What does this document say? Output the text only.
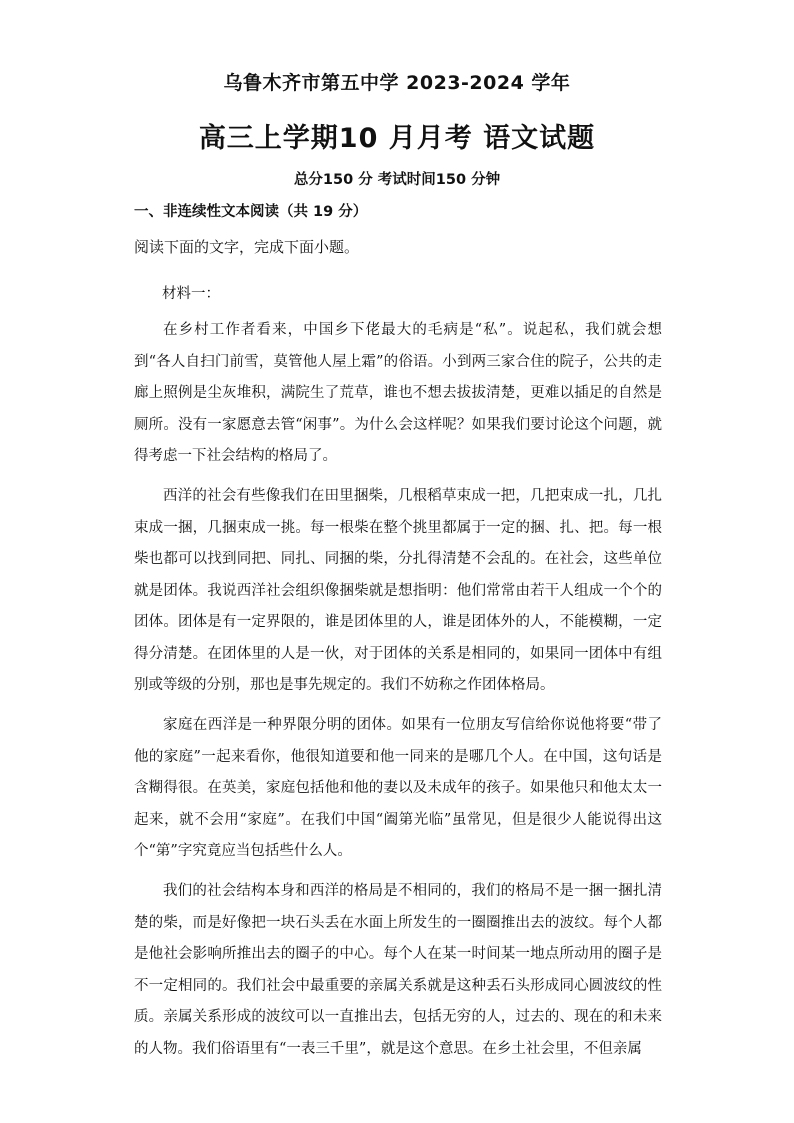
乌鲁木齐市第五中学 2023-2024 学年
高三上学期10 月月考 语文试题
总分150 分 考试时间150 分钟
一、非连续性文本阅读（共 19 分）
阅读下面的文字，完成下面小题。
材料一：

在乡村工作者看来，中国乡下佬最大的毛病是“私”。说起私，我们就会想到“各人自扫门前雪，莫管他人屋上霜”的俗语。小到两三家合住的院子，公共的走廊上照例是尘灰堆积，满院生了荒草，谁也不想去拔拔清楚，更难以插足的自然是厕所。没有一家愿意去管“闲事”。为什么会这样呢？如果我们要讨论这个问题，就得考虑一下社会结构的格局了。

西洋的社会有些像我们在田里捆柴，几根稻草束成一把，几把束成一扎，几扎束成一捆，几捆束成一挑。每一根柴在整个挑里都属于一定的捆、扎、把。每一根柴也都可以找到同把、同扎、同捆的柴，分扎得清楚不会乱的。在社会，这些单位就是团体。我说西洋社会组织像捆柴就是想指明：他们常常由若干人组成一个个的团体。团体是有一定界限的，谁是团体里的人，谁是团体外的人，不能模糊，一定得分清楚。在团体里的人是一伙，对于团体的关系是相同的，如果同一团体中有组别或等级的分别，那也是事先规定的。我们不妨称之作团体格局。

家庭在西洋是一种界限分明的团体。如果有一位朋友写信给你说他将要“带了他的家庭”一起来看你，他很知道要和他一同来的是哪几个人。在中国，这句话是含糊得很。在英美，家庭包括他和他的妻以及未成年的孩子。如果他只和他太太一起来，就不会用“家庭”。在我们中国“阖第光临”虽常见，但是很少人能说得出这个“第”字究竟应当包括些什么人。

我们的社会结构本身和西洋的格局是不相同的，我们的格局不是一捆一捆扎清楚的柴，而是好像把一块石头丢在水面上所发生的一圈圈推出去的波纹。每个人都是他社会影响所推出去的圈子的中心。每个人在某一时间某一地点所动用的圈子是不一定相同的。我们社会中最重要的亲属关系就是这种丢石头形成同心圆波纹的性质。亲属关系形成的波纹可以一直推出去，包括无穷的人，过去的、现在的和未来的人物。我们俗语里有“一表三千里”，就是这个意思。在乡土社会里，不但亲属
